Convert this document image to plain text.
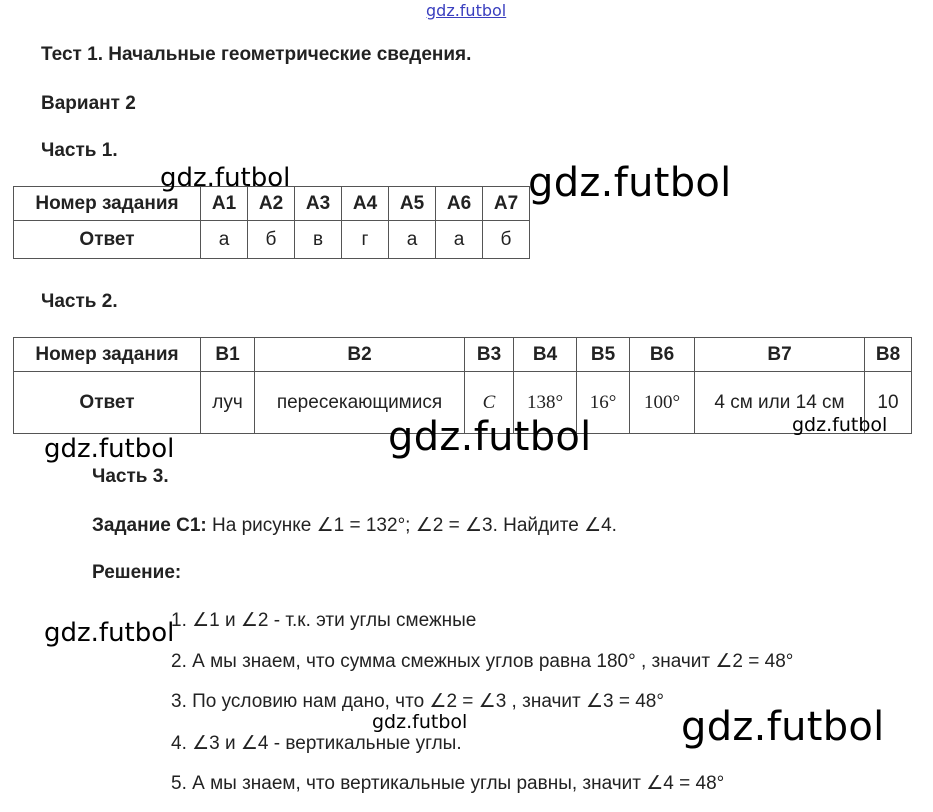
gdz.futbol
Тест 1. Начальные геометрические сведения.
Вариант 2
Часть 1.
Номер задания	A1	A2	A3	A4	A5	A6	A7
Ответ	а	б	в	г	а	а	б
Часть 2.
Номер задания	B1	B2	B3	B4	B5	B6	B7	B8
Ответ	луч	пересекающимися	C	138°	16°	100°	4 см или 14 см	10
Часть 3.
Задание С1: На рисунке ∠1 = 132°; ∠2 = ∠3. Найдите ∠4.
Решение:
1. ∠1 и ∠2 - т.к. эти углы смежные
2. А мы знаем, что сумма смежных углов равна 180° , значит ∠2 = 48°
3. По условию нам дано, что ∠2 = ∠3 , значит ∠3 = 48°
4. ∠3 и ∠4 - вертикальные углы.
5. А мы знаем, что вертикальные углы равны, значит ∠4 = 48°
gdz.futbol	gdz.futbol
gdz.futbol	gdz.futbol	gdz.futbol
gdz.futbol
gdz.futbol	gdz.futbol
